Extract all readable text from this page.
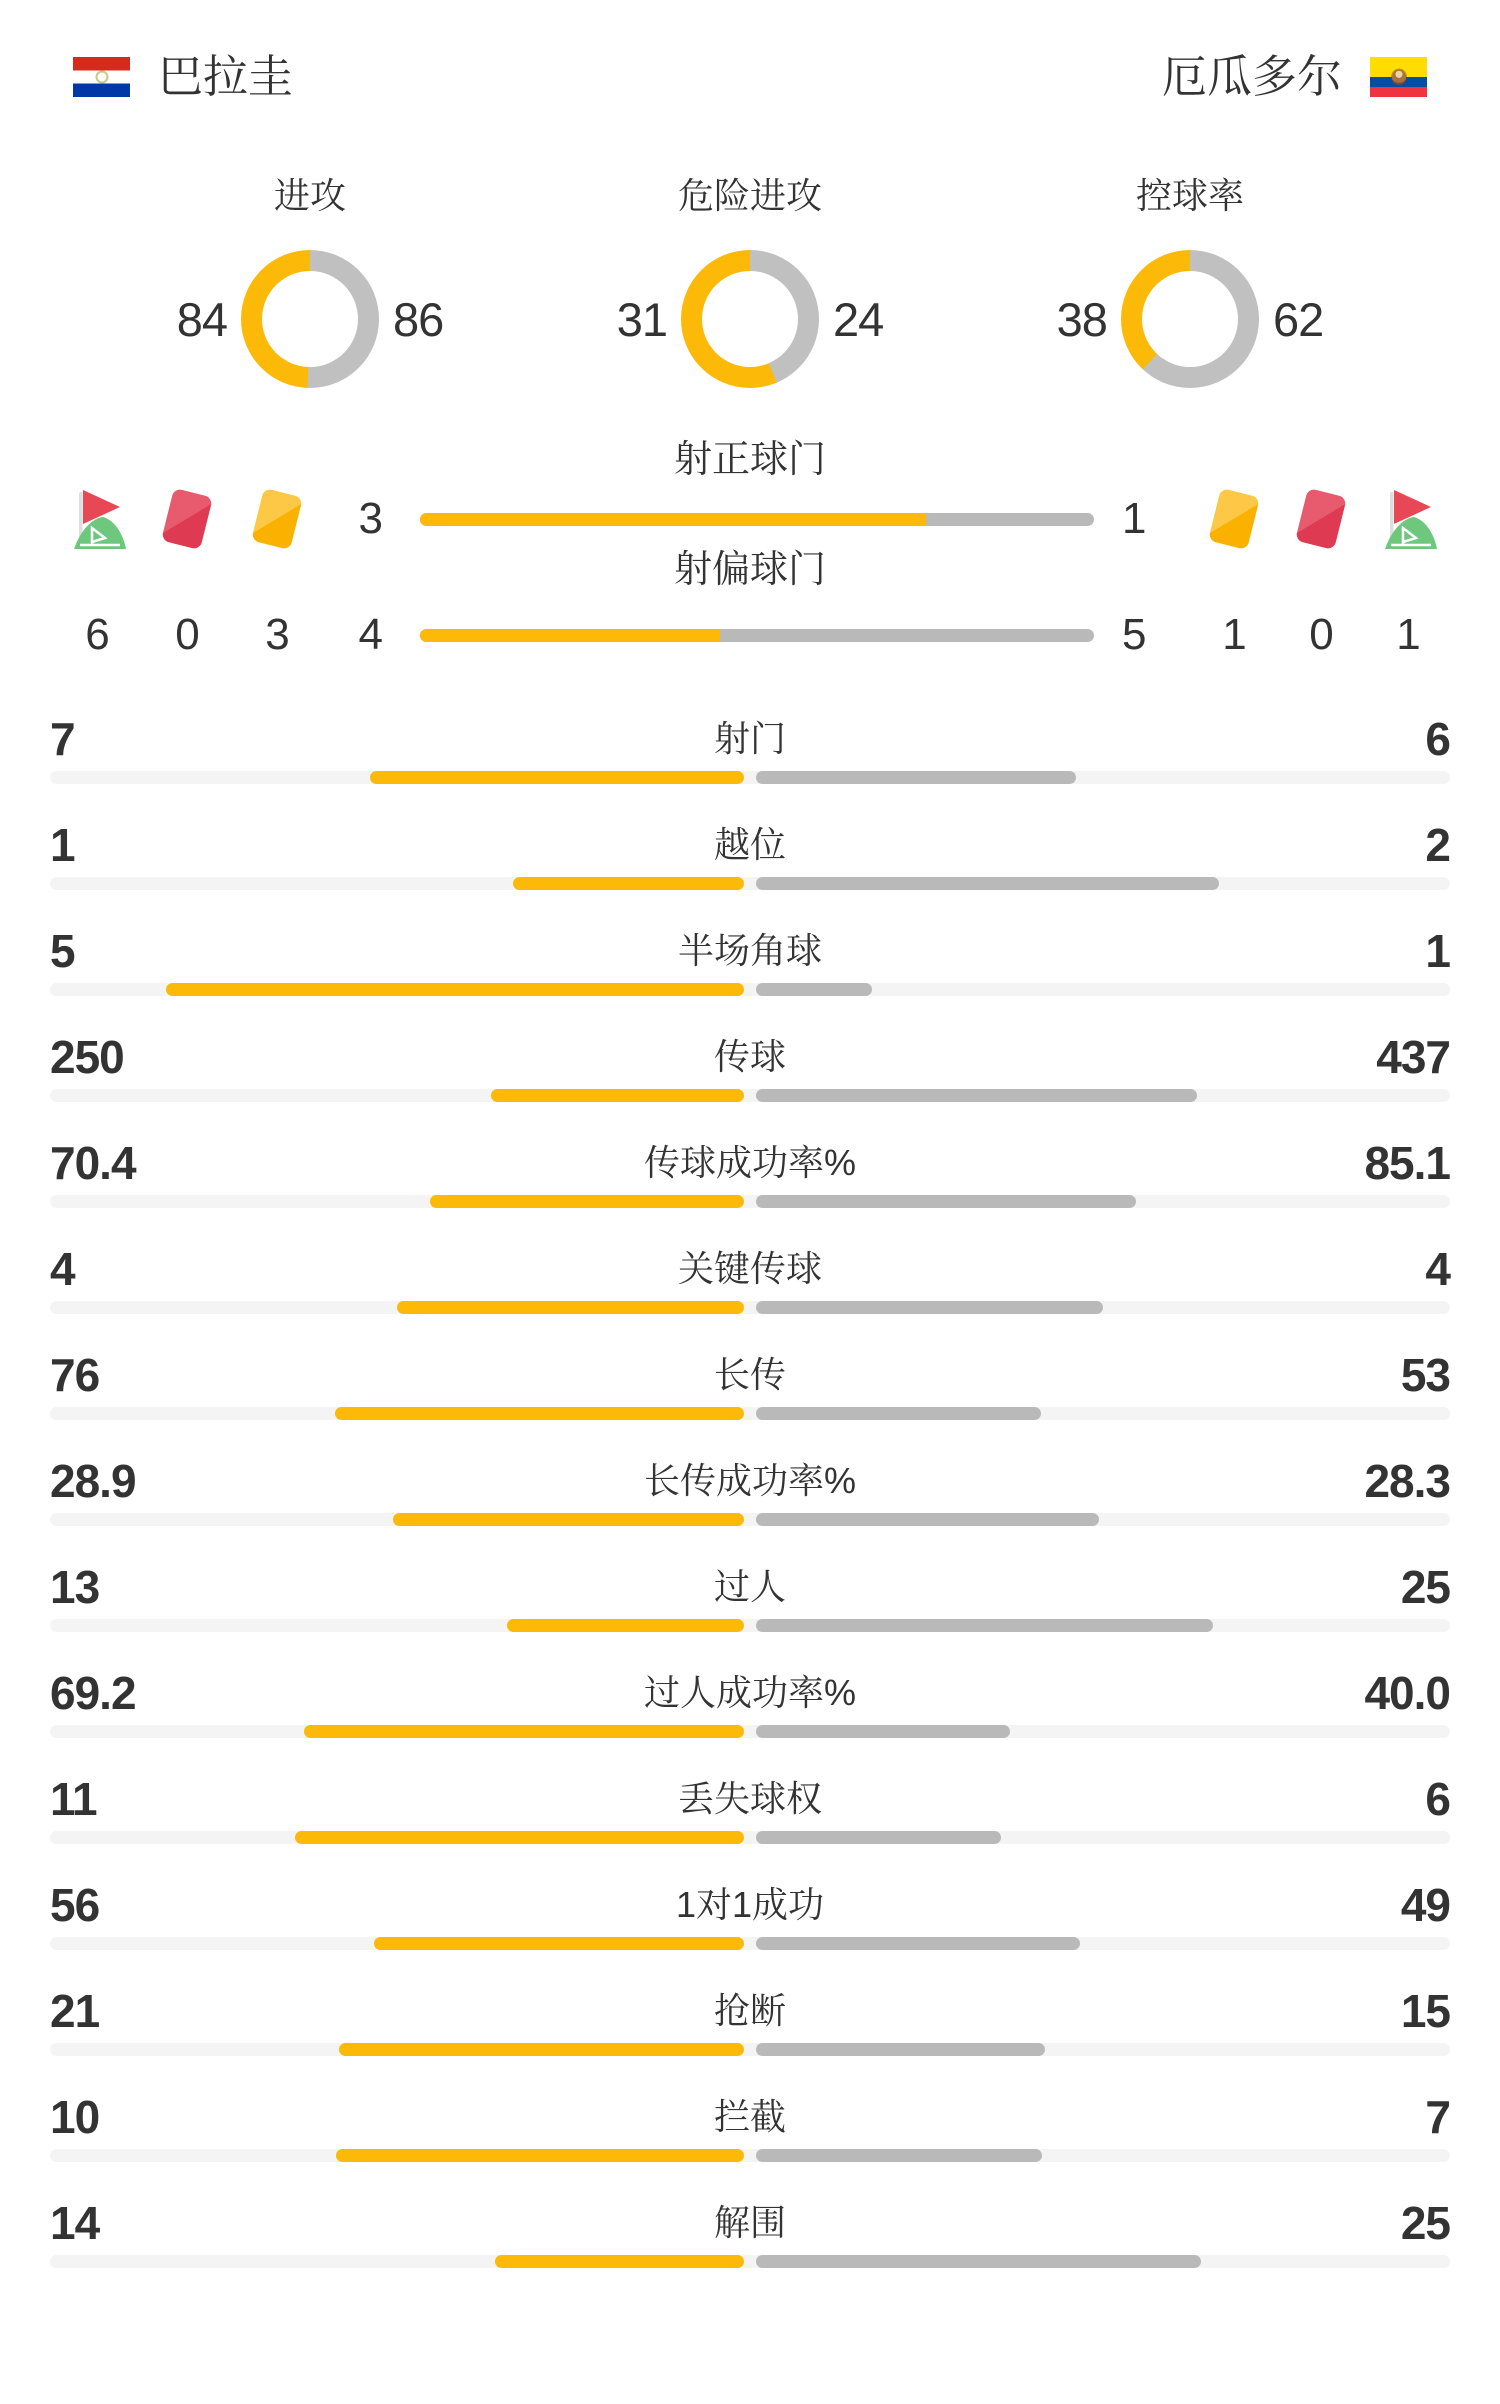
巴拉圭	厄瓜多尔
进攻
84	86
危险进攻
31	24
控球率
38	62
射正球门
3	1
射偏球门
6	0	3	4	5	1	0	1
7	射门	6
1	越位	2
5	半场角球	1
250	传球	437
70.4	传球成功率%	85.1
4	关键传球	4
76	长传	53
28.9	长传成功率%	28.3
13	过人	25
69.2	过人成功率%	40.0
11	丢失球权	6
56	1对1成功	49
21	抢断	15
10	拦截	7
14	解围	25
